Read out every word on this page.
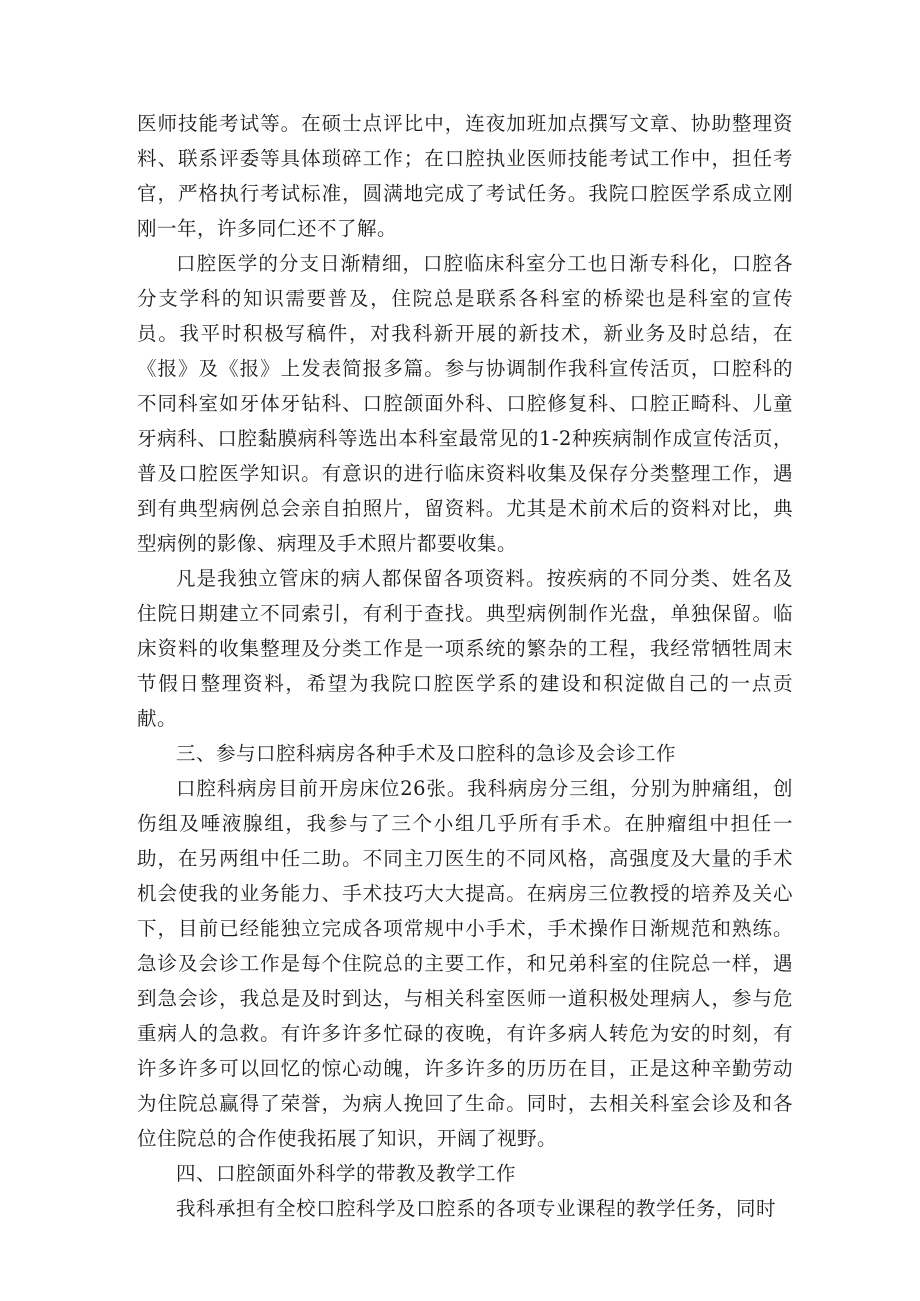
医师技能考试等。在硕士点评比中，连夜加班加点撰写文章、协助整理资料、联系评委等具体琐碎工作；在口腔执业医师技能考试工作中，担任考官，严格执行考试标准，圆满地完成了考试任务。我院口腔医学系成立刚刚一年，许多同仁还不了解。

口腔医学的分支日渐精细，口腔临床科室分工也日渐专科化，口腔各分支学科的知识需要普及，住院总是联系各科室的桥梁也是科室的宣传员。我平时积极写稿件，对我科新开展的新技术，新业务及时总结，在《报》及《报》上发表简报多篇。参与协调制作我科宣传活页，口腔科的不同科室如牙体牙钻科、口腔颌面外科、口腔修复科、口腔正畸科、儿童牙病科、口腔黏膜病科等选出本科室最常见的1-2种疾病制作成宣传活页，普及口腔医学知识。有意识的进行临床资料收集及保存分类整理工作，遇到有典型病例总会亲自拍照片，留资料。尤其是术前术后的资料对比，典型病例的影像、病理及手术照片都要收集。

凡是我独立管床的病人都保留各项资料。按疾病的不同分类、姓名及住院日期建立不同索引，有利于查找。典型病例制作光盘，单独保留。临床资料的收集整理及分类工作是一项系统的繁杂的工程，我经常牺牲周末节假日整理资料，希望为我院口腔医学系的建设和积淀做自己的一点贡献。

三、参与口腔科病房各种手术及口腔科的急诊及会诊工作

口腔科病房目前开房床位26张。我科病房分三组，分别为肿痛组，创伤组及唾液腺组，我参与了三个小组几乎所有手术。在肿瘤组中担任一助，在另两组中任二助。不同主刀医生的不同风格，高强度及大量的手术机会使我的业务能力、手术技巧大大提高。在病房三位教授的培养及关心下，目前已经能独立完成各项常规中小手术，手术操作日渐规范和熟练。急诊及会诊工作是每个住院总的主要工作，和兄弟科室的住院总一样，遇到急会诊，我总是及时到达，与相关科室医师一道积极处理病人，参与危重病人的急救。有许多许多忙碌的夜晚，有许多病人转危为安的时刻，有许多许多可以回忆的惊心动魄，许多许多的历历在目，正是这种辛勤劳动为住院总赢得了荣誉，为病人挽回了生命。同时，去相关科室会诊及和各位住院总的合作使我拓展了知识，开阔了视野。

四、口腔颌面外科学的带教及教学工作

我科承担有全校口腔科学及口腔系的各项专业课程的教学任务，同时
